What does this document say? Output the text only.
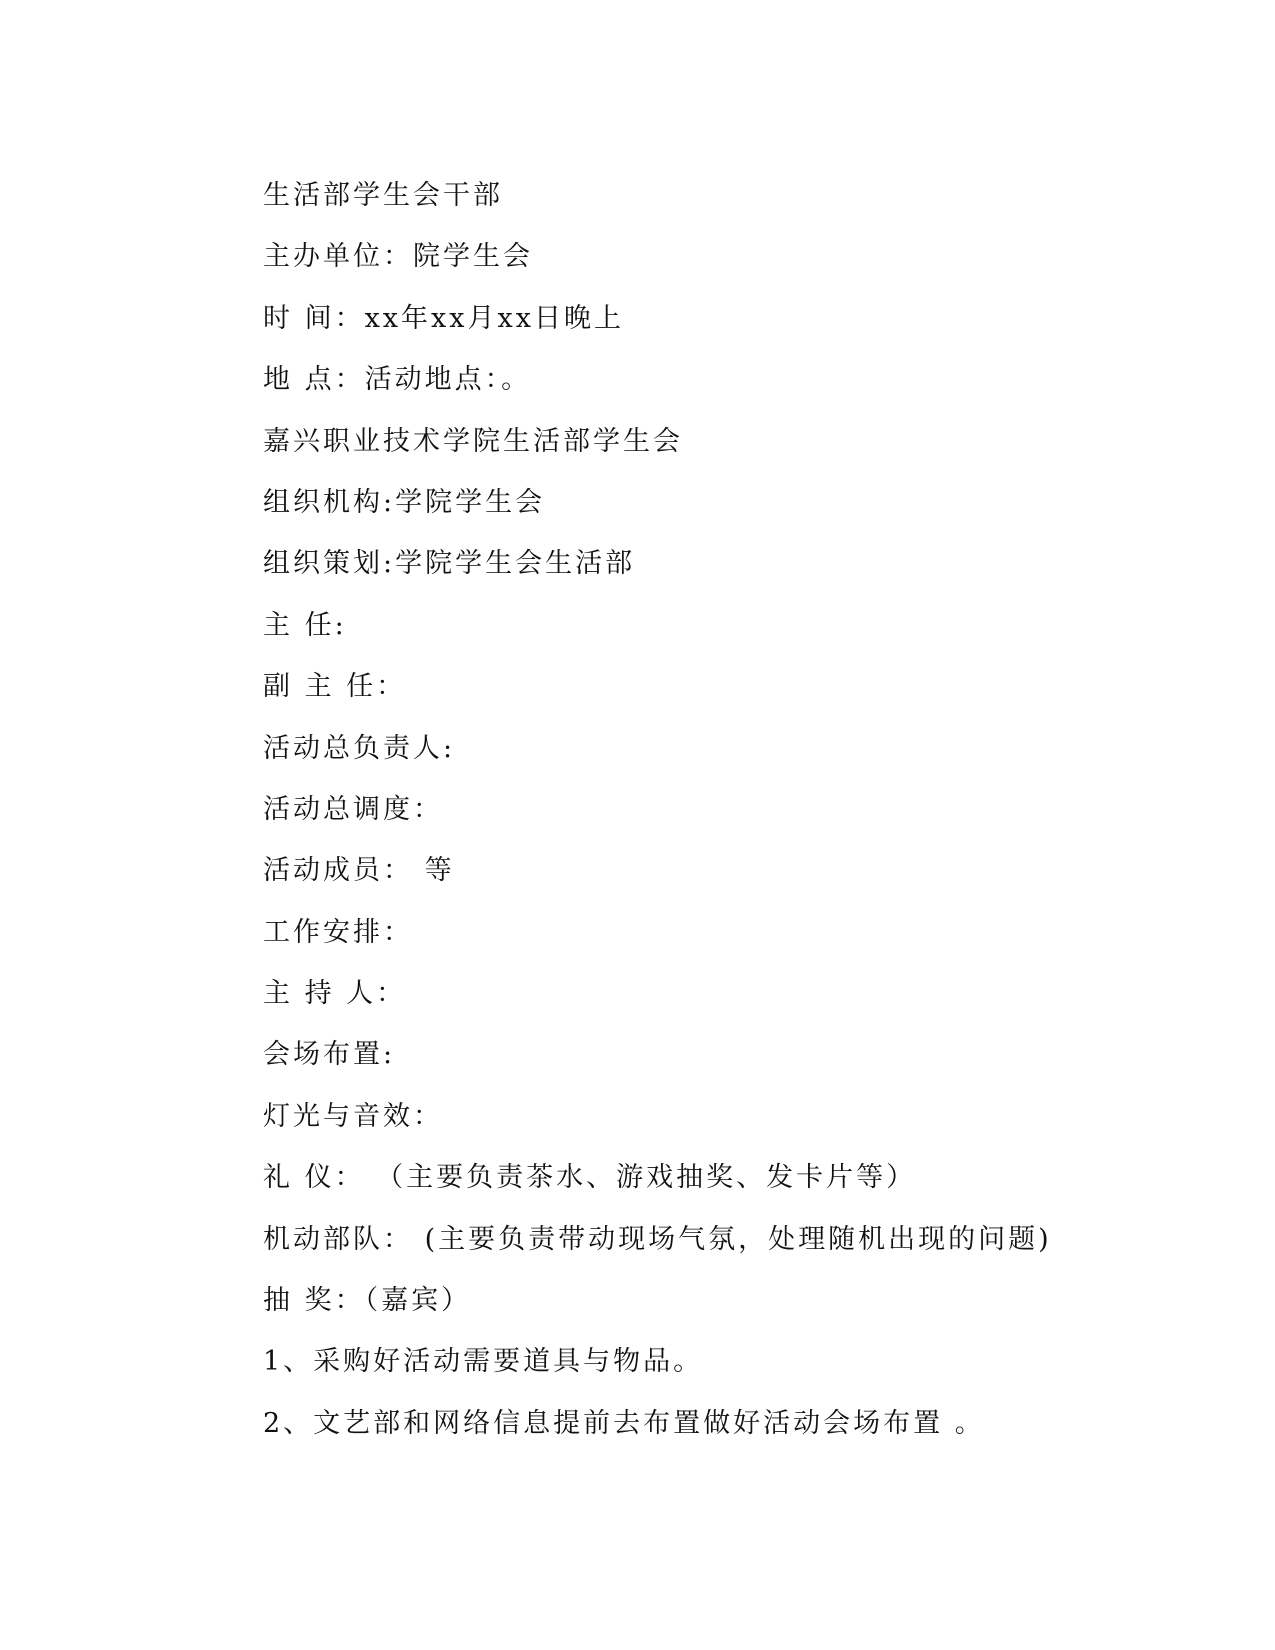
生活部学生会干部
主办单位：院学生会
时 间：xx年xx月xx日晚上
地 点：活动地点：。
嘉兴职业技术学院生活部学生会
组织机构:学院学生会
组织策划:学院学生会生活部
主 任:
副 主 任：
活动总负责人:
活动总调度：
活动成员： 等
工作安排：
主 持 人：
会场布置:
灯光与音效：
礼 仪： （主要负责茶水、游戏抽奖、发卡片等）
机动部队： (主要负责带动现场气氛，处理随机出现的问题)
抽 奖：（嘉宾）
1、采购好活动需要道具与物品。
2、文艺部和网络信息提前去布置做好活动会场布置 。
